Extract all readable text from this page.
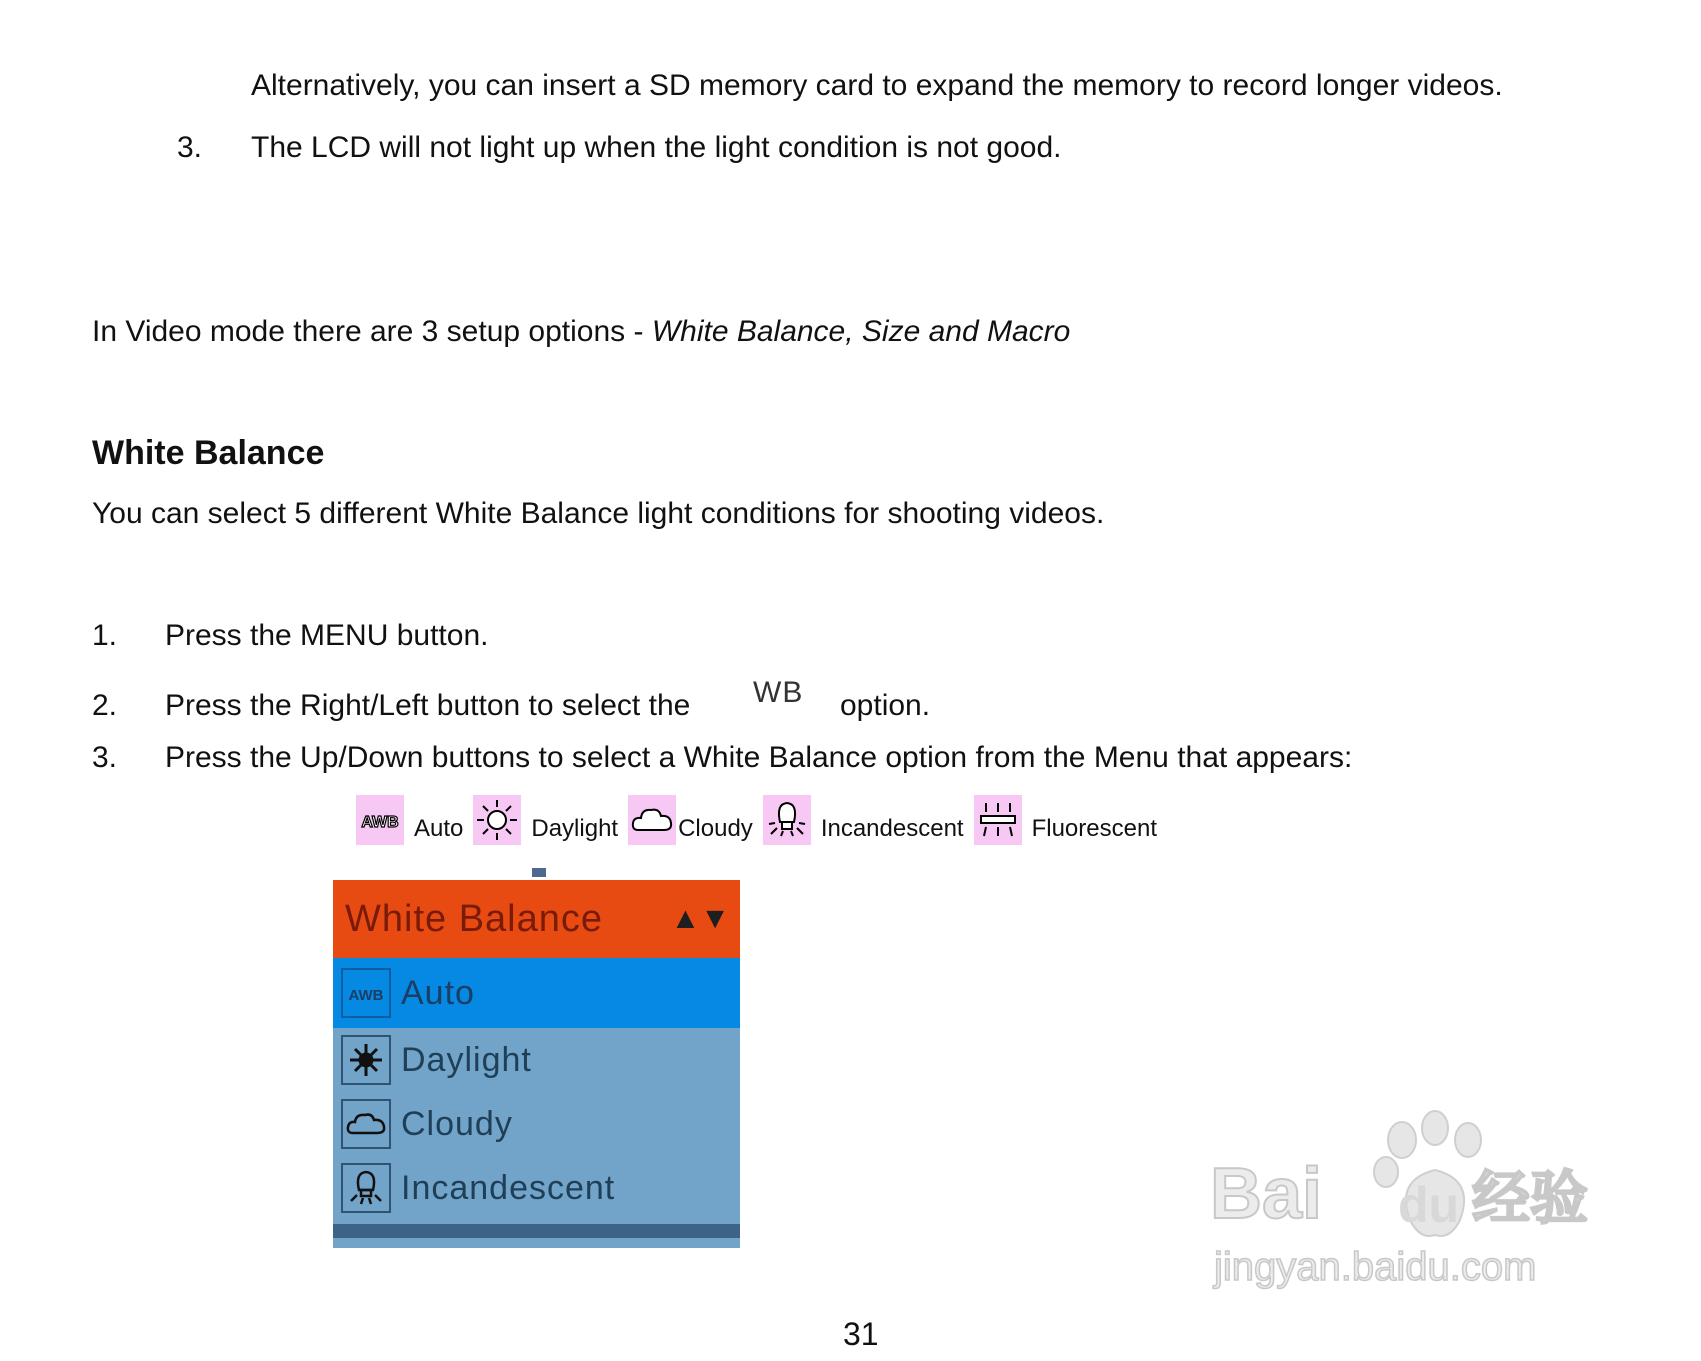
Alternatively, you can insert a SD memory card to expand the memory to record longer videos.
3.	The LCD will not light up when the light condition is not good.
In Video mode there are 3 setup options - White Balance, Size and Macro
White Balance
You can select 5 different White Balance light conditions for shooting videos.
1.	Press the MENU button.
2.	Press the Right/Left button to select the WB option.
3.	Press the Up/Down buttons to select a White Balance option from the Menu that appears:
AWB Auto	Daylight	Cloudy	Incandescent	Fluorescent
White Balance ▲▼
AWB Auto
Daylight
Cloudy
Incandescent	Bai du 经验
jingyan.baidu.com
31
